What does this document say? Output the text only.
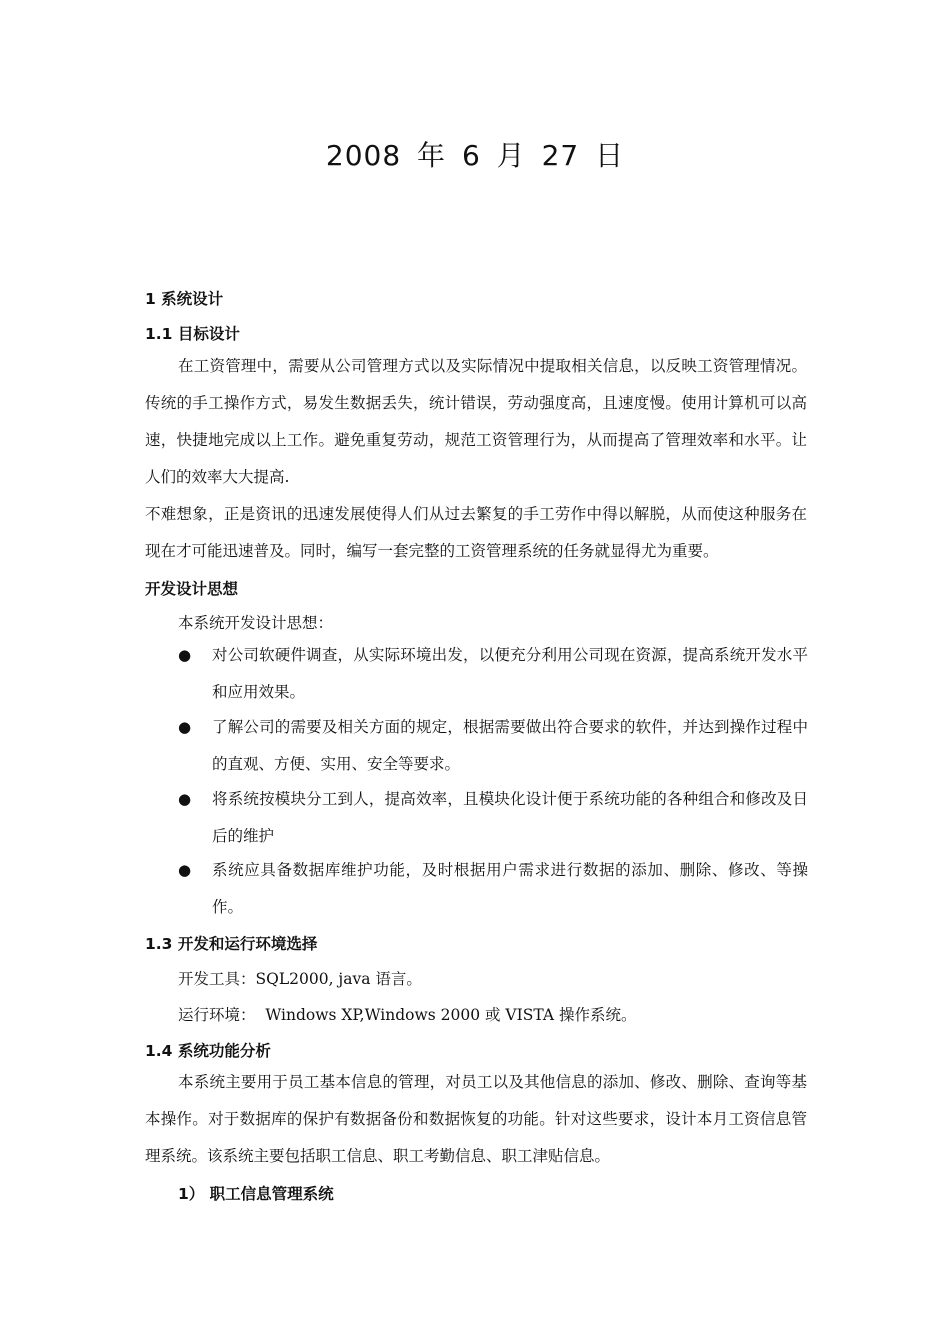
2008 年 6 月 27 日
1 系统设计
1.1 目标设计
在工资管理中，需要从公司管理方式以及实际情况中提取相关信息，以反映工资管理情况。传统的手工操作方式，易发生数据丢失，统计错误，劳动强度高，且速度慢。使用计算机可以高速，快捷地完成以上工作。避免重复劳动，规范工资管理行为，从而提高了管理效率和水平。让人们的效率大大提高.
不难想象，正是资讯的迅速发展使得人们从过去繁复的手工劳作中得以解脱，从而使这种服务在现在才可能迅速普及。同时，编写一套完整的工资管理系统的任务就显得尤为重要。
开发设计思想
本系统开发设计思想：
● 对公司软硬件调查，从实际环境出发，以便充分利用公司现在资源，提高系统开发水平和应用效果。
● 了解公司的需要及相关方面的规定，根据需要做出符合要求的软件，并达到操作过程中的直观、方便、实用、安全等要求。
● 将系统按模块分工到人，提高效率，且模块化设计便于系统功能的各种组合和修改及日后的维护
● 系统应具备数据库维护功能，及时根据用户需求进行数据的添加、删除、修改、等操作。
1.3 开发和运行环境选择
开发工具：SQL2000, java 语言。
运行环境：  Windows XP,Windows 2000 或 VISTA 操作系统。
1.4 系统功能分析
本系统主要用于员工基本信息的管理，对员工以及其他信息的添加、修改、删除、查询等基本操作。对于数据库的保护有数据备份和数据恢复的功能。针对这些要求，设计本月工资信息管理系统。该系统主要包括职工信息、职工考勤信息、职工津贴信息。
1） 职工信息管理系统
